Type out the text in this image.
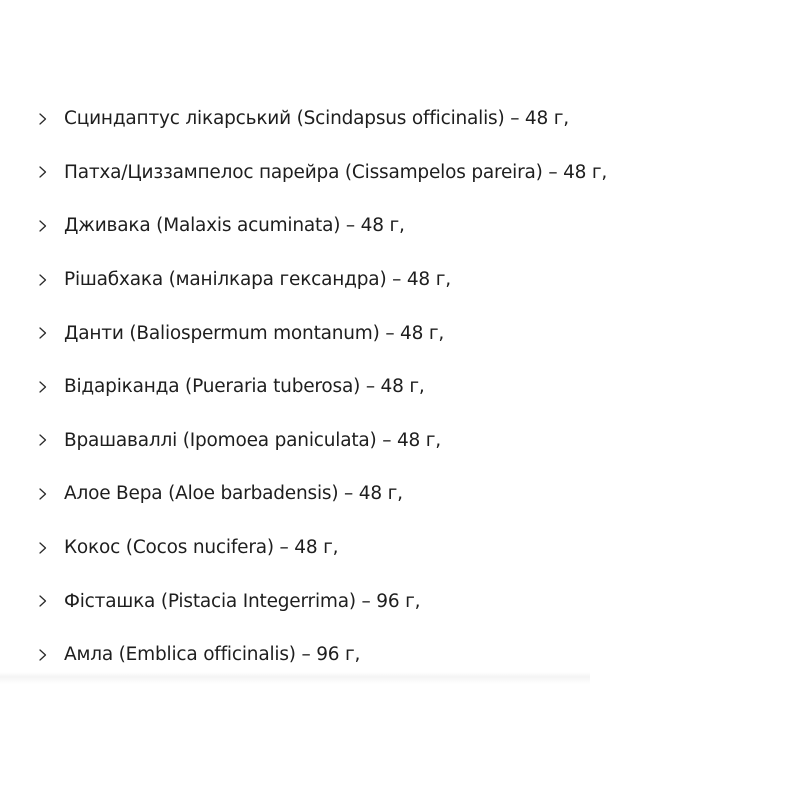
Сциндаптус лікарський (Scindapsus officinalis) – 48 г,
Патха/Циззампелос парейра (Cissampelos pareira) – 48 г,
Дживака (Malaxis acuminata) – 48 г,
Рішабхака (манілкара гександра) – 48 г,
Данти (Baliospermum montanum) – 48 г,
Відаріканда (Pueraria tuberosa) – 48 г,
Врашаваллі (Ipomoea paniculata) – 48 г,
Алое Вера (Aloe barbadensis) – 48 г,
Кокос (Cocos nucifera) – 48 г,
Фісташка (Pistacia Integerrima) – 96 г,
Амла (Emblica officinalis) – 96 г,
